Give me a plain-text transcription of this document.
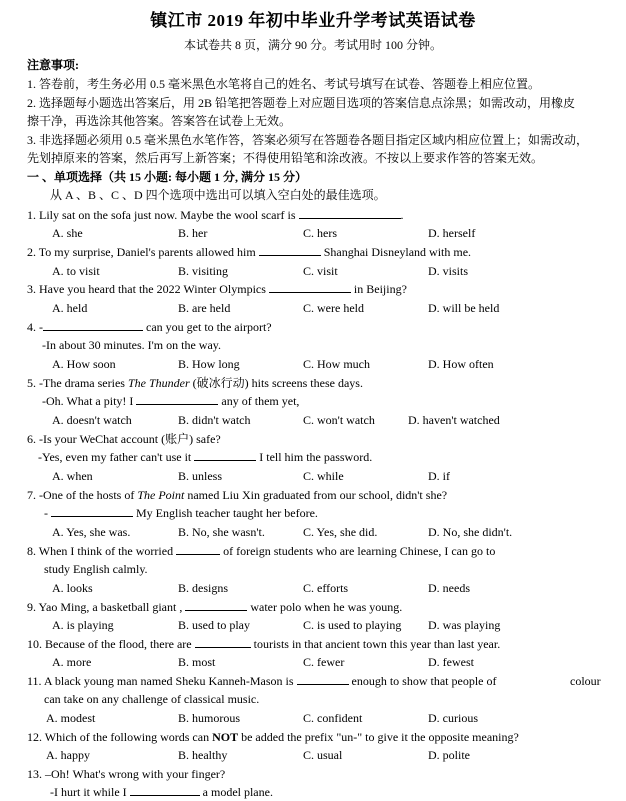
镇江市 2019 年初中毕业升学考试英语试卷
本试卷共 8 页，满分 90 分。考试用时 100 分钟。
注意事项:
1. 答卷前，考生务必用 0.5 毫米黑色水笔将自己的姓名、考试号填写在试卷、答题卷上相应位置。
2. 选择题每小题选出答案后，用 2B 铅笔把答题卷上对应题目选项的答案信息点涂黑；如需改动，用橡皮
擦干净，再选涂其他答案。答案答在试卷上无效。
3. 非选择题必须用 0.5 毫米黑色水笔作答，答案必须写在答题卷各题目指定区域内相应位置上；如需改动，
先划掉原来的答案，然后再写上新答案；不得使用铅笔和涂改液。不按以上要求作答的答案无效。
一 、单项选择（共 15 小题: 每小题 1 分, 满分 15 分）
从 A 、B 、C 、D 四个选项中选出可以填入空白处的最佳选项。
1. Lily sat on the sofa just now. Maybe the wool scarf is	.
A. she	B. her	C. hers	D. herself
2. To my surprise, Daniel's parents allowed him	Shanghai Disneyland with me.
A. to visit	B. visiting	C. visit	D. visits
3. Have you heard that the 2022 Winter Olympics	in Beijing?
A. held	B. are held	C. were held	D. will be held
4. -	can you get to the airport?
-In about 30 minutes. I'm on the way.
A. How soon	B. How long	C. How much	D. How often
5. -The drama series The Thunder (破冰行动) hits screens these days.
-Oh. What a pity! I	any of them yet,
A. doesn't watch	B. didn't watch	C. won't watch	D. haven't watched
6. -Is your WeChat account (账户) safe?
-Yes, even my father can't use it	I tell him the password.
A. when	B. unless	C. while	D. if
7. -One of the hosts of The Point named Liu Xin graduated from our school, didn't she?
-	My English teacher taught her before.
A. Yes, she was.	B. No, she wasn't.	C. Yes, she did.	D. No, she didn't.
8. When I think of the worried	of foreign students who are learning Chinese, I can go to
study English calmly.
A. looks	B. designs	C. efforts	D. needs
9. Yao Ming, a basketball giant ,	water polo when he was young.
A. is playing	B. used to play	C. is used to playing D. was playing
10. Because of the flood, there are	tourists in that ancient town this year than last year.
A. more	B. most	C. fewer	D. fewest
11. A black young man named Sheku Kanneh-Mason is	enough to show that people of	colour
can take on any challenge of classical music.
A. modest	B. humorous	C. confident	D. curious
12. Which of the following words can NOT be added the prefix "un-" to give it the opposite meaning?
A. happy	B. healthy	C. usual	D. polite
13. –Oh! What's wrong with your finger?
-I hurt it while I	a model plane.
